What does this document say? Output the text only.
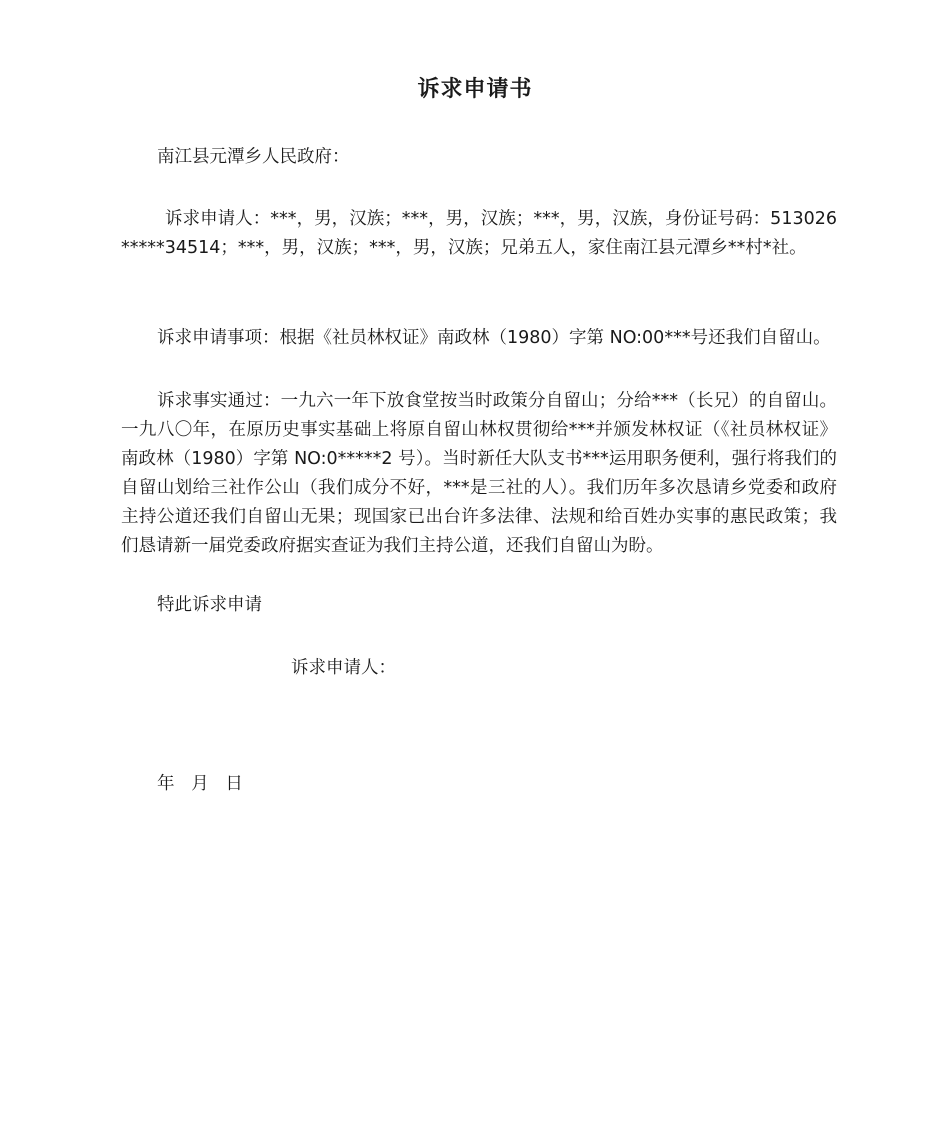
诉求申请书

南江县元潭乡人民政府：

诉求申请人：***，男，汉族；***，男，汉族；***，男，汉族，身份证号码：513026*****34514；***，男，汉族；***，男，汉族；兄弟五人，家住南江县元潭乡**村*社。

诉求申请事项：根据《社员林权证》南政林（1980）字第 NO:00***号还我们自留山。

诉求事实通过：一九六一年下放食堂按当时政策分自留山；分给***（长兄）的自留山。一九八〇年，在原历史事实基础上将原自留山林权贯彻给***并颁发林权证（《社员林权证》南政林（1980）字第 NO:0*****2 号）。当时新任大队支书***运用职务便利，强行将我们的自留山划给三社作公山（我们成分不好，***是三社的人）。我们历年多次恳请乡党委和政府主持公道还我们自留山无果；现国家已出台许多法律、法规和给百姓办实事的惠民政策；我们恳请新一届党委政府据实查证为我们主持公道，还我们自留山为盼。

特此诉求申请

诉求申请人：

年   月   日
